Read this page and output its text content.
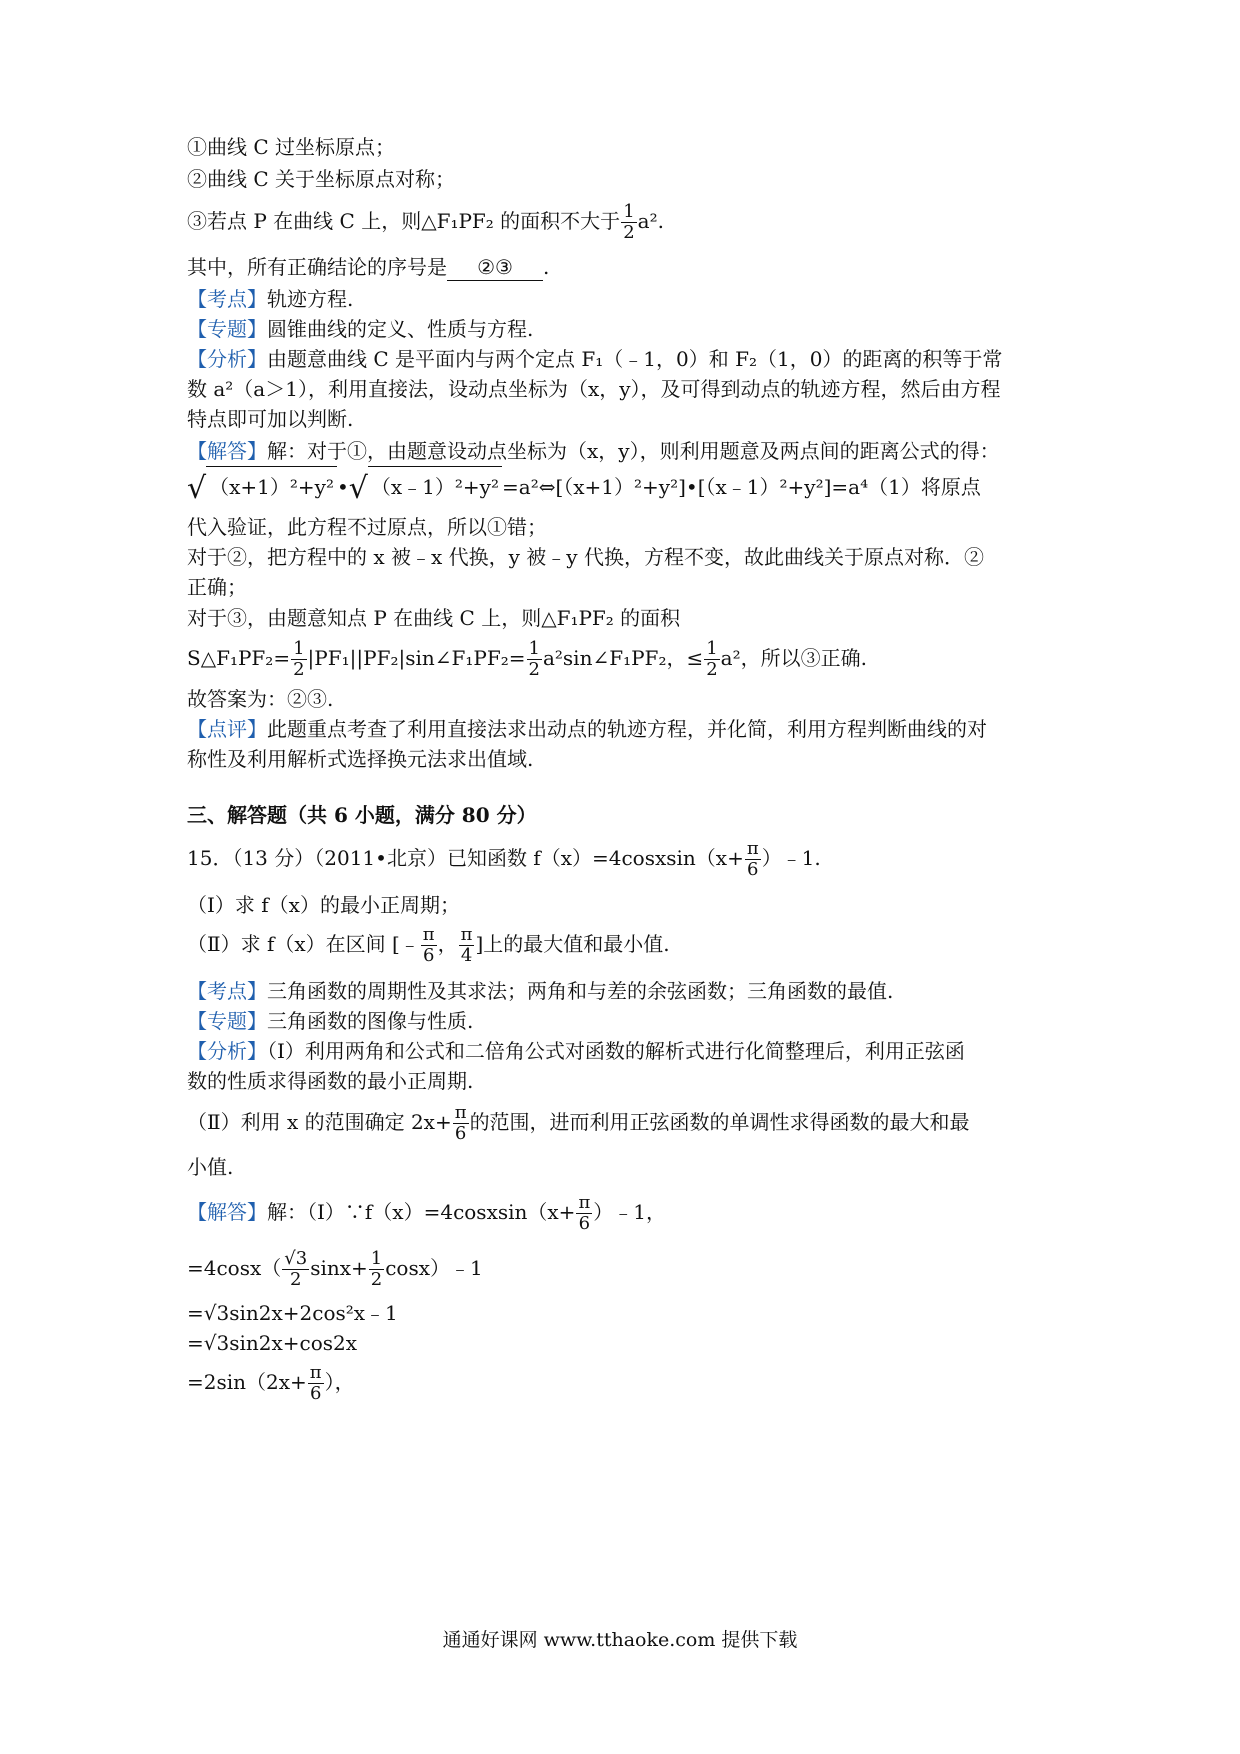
①曲线 C 过坐标原点；
②曲线 C 关于坐标原点对称；
③若点 P 在曲线 C 上，则△F₁PF₂ 的面积不大于 $\frac{1}{2} a^2$.
其中，所有正确结论的序号是 ②③ .
【考点】轨迹方程.
【专题】圆锥曲线的定义、性质与方程.
【分析】由题意曲线 C 是平面内与两个定点 F₁（﹣1，0）和 F₂（1，0）的距离的积等于常
数 a²（a＞1），利用直接法，设动点坐标为（x，y），及可得到动点的轨迹方程，然后由方程
特点即可加以判断.
【解答】解：对于①，由题意设动点坐标为（x，y），则利用题意及两点间的距离公式的得：
√ （x+1）²+y² •√ （x﹣1）²+y² =a²⇔[（x+1）²+y²]•[（x﹣1）²+y²]=a⁴（1）将原点
代入验证，此方程不过原点，所以①错；
对于②，把方程中的 x 被﹣x 代换，y 被﹣y 代换，方程不变，故此曲线关于原点对称．②
正确；
对于③，由题意知点 P 在曲线 C 上，则△F₁PF₂ 的面积
S△F₁PF₂= $\frac{1}{2}$ |PF₁||PF₂|sin∠F₁PF₂= $\frac{1}{2}$ a²sin∠F₁PF₂，≤ $\frac{1}{2} a^2$，所以③正确.
故答案为：②③.
【点评】此题重点考查了利用直接法求出动点的轨迹方程，并化简，利用方程判断曲线的对
称性及利用解析式选择换元法求出值域.
三、解答题（共 6 小题，满分 80 分）
15．（13 分）（2011•北京）已知函数 f（x）=4cosxsin（x+ $\frac{\pi}{6}$ ）﹣1.
（Ⅰ）求 f（x）的最小正周期；
（Ⅱ）求 f（x）在区间 [﹣ $\frac{\pi}{6}$ ， $\frac{\pi}{4}$ ]上的最大值和最小值.
【考点】三角函数的周期性及其求法；两角和与差的余弦函数；三角函数的最值.
【专题】三角函数的图像与性质.
【分析】（Ⅰ）利用两角和公式和二倍角公式对函数的解析式进行化简整理后，利用正弦函
数的性质求得函数的最小正周期.
（Ⅱ）利用 x 的范围确定 $2x+ \frac{\pi}{6}$ 的范围，进而利用正弦函数的单调性求得函数的最大和最
小值.
【解答】解：（Ⅰ）∵f（x）=4cosxsin（x+ $\frac{\pi}{6}$ ）﹣1，
$=4\cos x( \frac{√3}{2} \sin x+ \frac{1}{2}$ cosx）﹣1
=√3sin2x+2cos²x﹣1
=√3sin2x+cos2x
$=2\sin(2x+ \frac{\pi}{6}$ ），
通通好课网 www.tthaoke.com 提供下载
